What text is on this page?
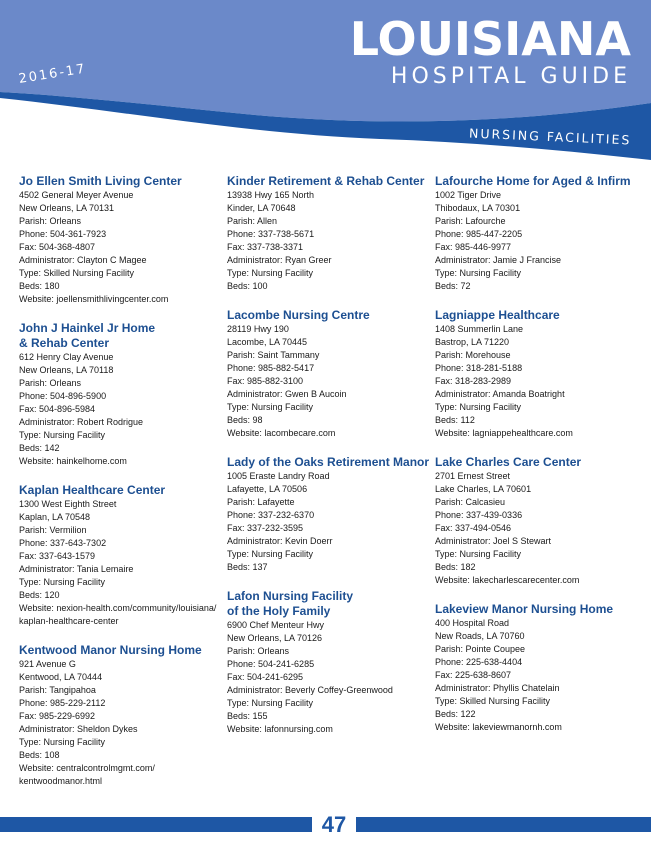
2016-17
LOUISIANA
HOSPITAL GUIDE
NURSING FACILITIES
Jo Ellen Smith Living Center
4502 General Meyer Avenue
New Orleans, LA 70131
Parish: Orleans
Phone: 504-361-7923
Fax: 504-368-4807
Administrator: Clayton C Magee
Type: Skilled Nursing Facility
Beds: 180
Website: joellensmithlivingcenter.com
John J Hainkel Jr Home
& Rehab Center
612 Henry Clay Avenue
New Orleans, LA 70118
Parish: Orleans
Phone: 504-896-5900
Fax: 504-896-5984
Administrator: Robert Rodrigue
Type: Nursing Facility
Beds: 142
Website: hainkelhome.com
Kaplan Healthcare Center
1300 West Eighth Street
Kaplan, LA 70548
Parish: Vermilion
Phone: 337-643-7302
Fax: 337-643-1579
Administrator: Tania Lemaire
Type: Nursing Facility
Beds: 120
Website: nexion-health.com/community/louisiana/
kaplan-healthcare-center
Kentwood Manor Nursing Home
921 Avenue G
Kentwood, LA 70444
Parish: Tangipahoa
Phone: 985-229-2112
Fax: 985-229-6992
Administrator: Sheldon Dykes
Type: Nursing Facility
Beds: 108
Website: centralcontrolmgmt.com/
kentwoodmanor.html
Kinder Retirement & Rehab Center
13938 Hwy 165 North
Kinder, LA 70648
Parish: Allen
Phone: 337-738-5671
Fax: 337-738-3371
Administrator: Ryan Greer
Type: Nursing Facility
Beds: 100
Lacombe Nursing Centre
28119 Hwy 190
Lacombe, LA 70445
Parish: Saint Tammany
Phone: 985-882-5417
Fax: 985-882-3100
Administrator: Gwen B Aucoin
Type: Nursing Facility
Beds: 98
Website: lacombecare.com
Lady of the Oaks Retirement Manor
1005 Eraste Landry Road
Lafayette, LA 70506
Parish: Lafayette
Phone: 337-232-6370
Fax: 337-232-3595
Administrator: Kevin Doerr
Type: Nursing Facility
Beds: 137
Lafon Nursing Facility
of the Holy Family
6900 Chef Menteur Hwy
New Orleans, LA 70126
Parish: Orleans
Phone: 504-241-6285
Fax: 504-241-6295
Administrator: Beverly Coffey-Greenwood
Type: Nursing Facility
Beds: 155
Website: lafonnursing.com
Lafourche Home for Aged & Infirm
1002 Tiger Drive
Thibodaux, LA 70301
Parish: Lafourche
Phone: 985-447-2205
Fax: 985-446-9977
Administrator: Jamie J Francise
Type: Nursing Facility
Beds: 72
Lagniappe Healthcare
1408 Summerlin Lane
Bastrop, LA 71220
Parish: Morehouse
Phone: 318-281-5188
Fax: 318-283-2989
Administrator: Amanda Boatright
Type: Nursing Facility
Beds: 112
Website: lagniappehealthcare.com
Lake Charles Care Center
2701 Ernest Street
Lake Charles, LA 70601
Parish: Calcasieu
Phone: 337-439-0336
Fax: 337-494-0546
Administrator: Joel S Stewart
Type: Nursing Facility
Beds: 182
Website: lakecharlescarecenter.com
Lakeview Manor Nursing Home
400 Hospital Road
New Roads, LA 70760
Parish: Pointe Coupee
Phone: 225-638-4404
Fax: 225-638-8607
Administrator: Phyllis Chatelain
Type: Skilled Nursing Facility
Beds: 122
Website: lakeviewmanornh.com
47
